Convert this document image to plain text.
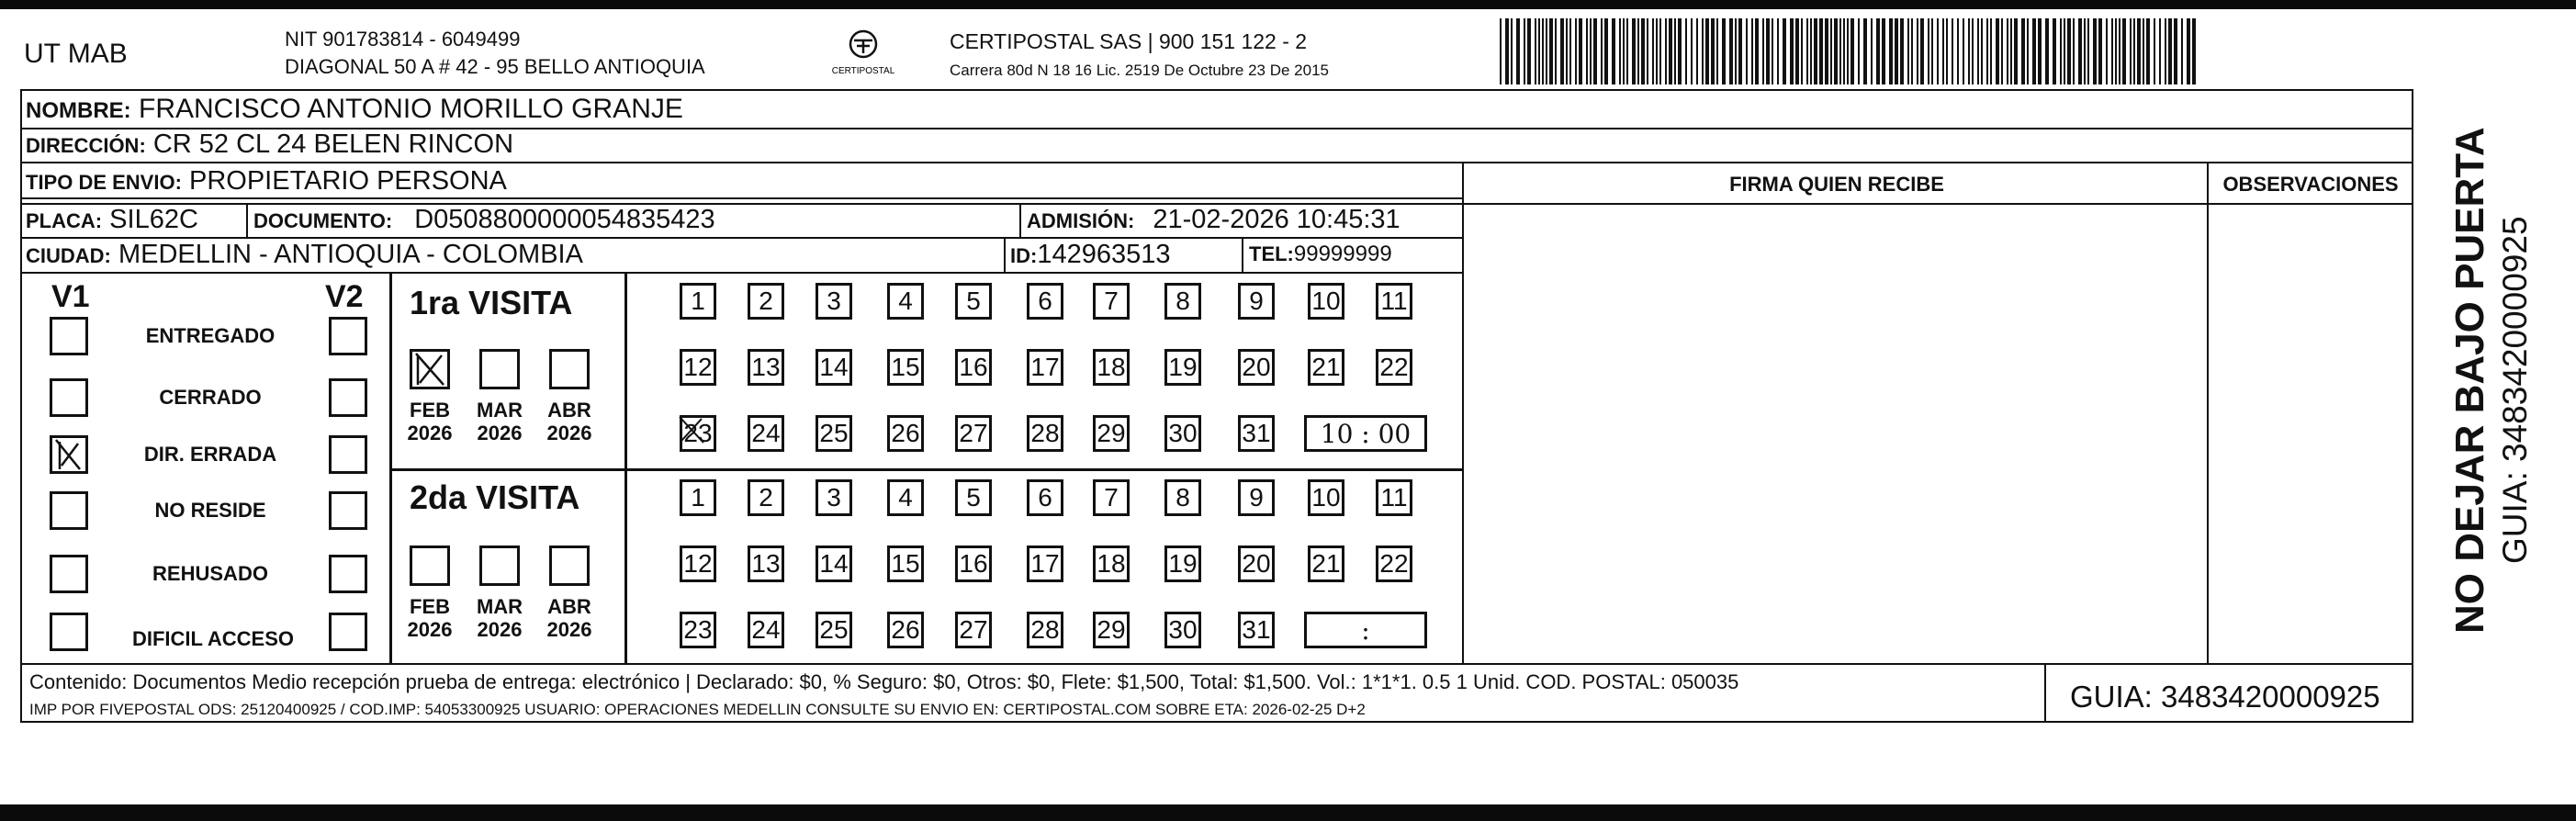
UT MAB	NIT 901783814 - 6049499
DIAGONAL 50 A # 42 - 95 BELLO ANTIOQUIA	CERTIPOSTAL
CERTIPOSTAL SAS | 900 151 122 - 2
Carrera 80d N 18 16 Lic. 2519 De Octubre 23 De 2015
NOMBRE: FRANCISCO ANTONIO MORILLO GRANJE
DIRECCIÓN: CR 52 CL 24 BELEN RINCON
TIPO DE ENVIO: PROPIETARIO PERSONA
PLACA: SIL62C	DOCUMENTO: D0508800000054835423	ADMISIÓN: 21-02-2026 10:45:31
CIUDAD: MEDELLIN - ANTIOQUIA - COLOMBIA	ID:142963513	TEL:99999999
FIRMA QUIEN RECIBE	OBSERVACIONES
V1	V2
ENTREGADO
CERRADO
DIR. ERRADA
NO RESIDE
REHUSADO
DIFICIL ACCESO
1ra VISITA
2da VISITA
FEB
2026
MAR
2026
ABR
2026
1	2	3	4	5	6	7	8	9	10 11
12 13 14 15 16 17 18 19 20 21 22
23 24 25 26 27 28 29 30 31	10 : 00
FEB
2026
MAR
2026
ABR
2026
1	2	3	4	5	6	7	8	9	10 11
12 13 14 15 16 17 18 19 20 21 22
23 24 25 26 27 28 29 30 31	:
Contenido: Documentos Medio recepción prueba de entrega: electrónico | Declarado: $0, % Seguro: $0, Otros: $0, Flete: $1,500, Total: $1,500. Vol.: 1*1*1. 0.5 1 Unid. COD. POSTAL: 050035
IMP POR FIVEPOSTAL ODS: 25120400925 / COD.IMP: 54053300925 USUARIO: OPERACIONES MEDELLIN CONSULTE SU ENVIO EN: CERTIPOSTAL.COM SOBRE ETA: 2026-02-25 D+2	GUIA: 3483420000925
NO DEJAR BAJO PUERTA GUIA: 3483420000925
